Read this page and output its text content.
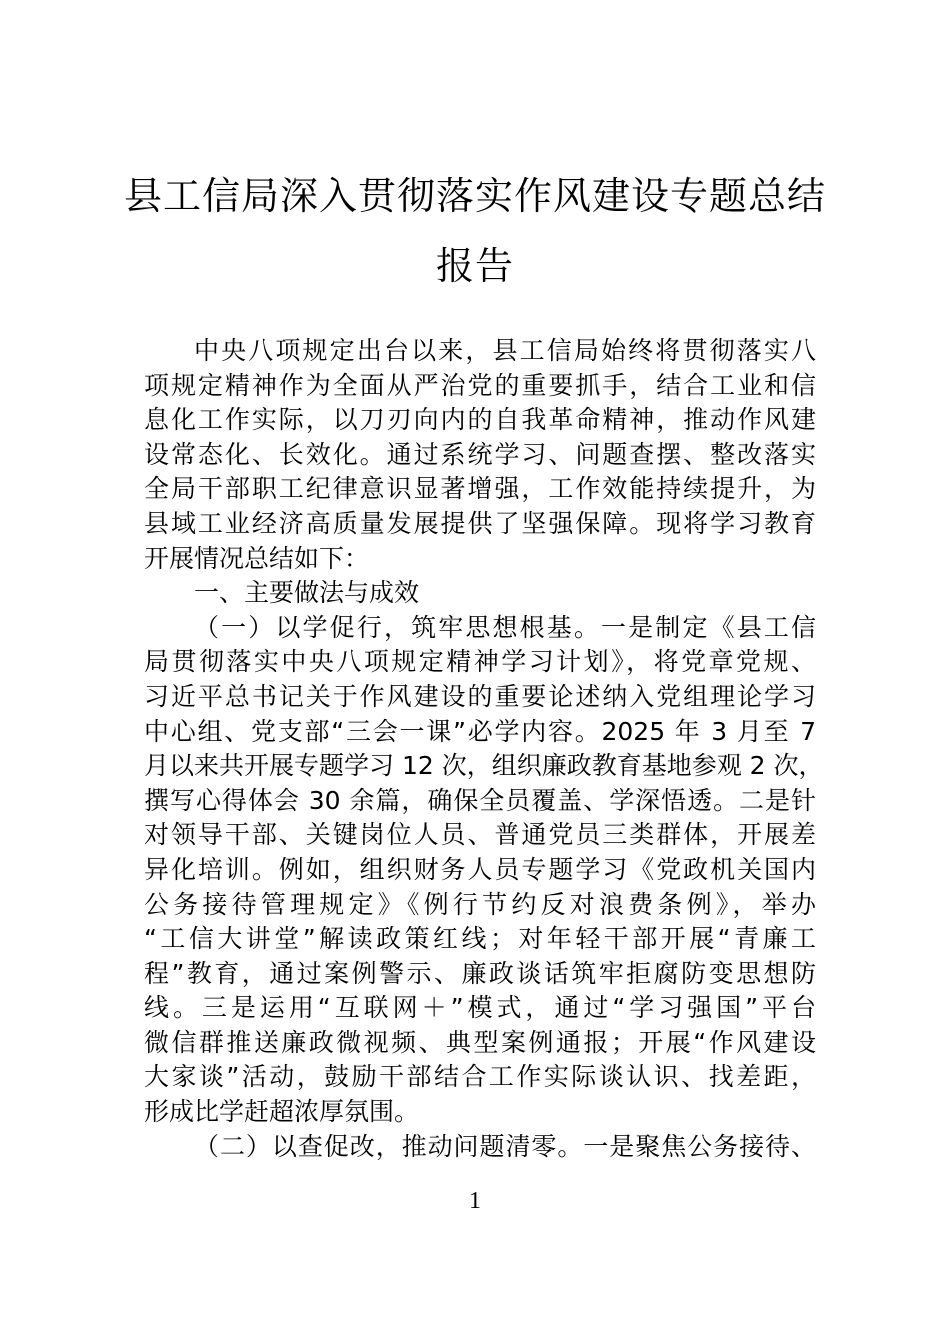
县工信局深入贯彻落实作风建设专题总结
报告
中央八项规定出台以来，县工信局始终将贯彻落实八
项规定精神作为全面从严治党的重要抓手，结合工业和信
息化工作实际，以刀刃向内的自我革命精神，推动作风建
设常态化、长效化。通过系统学习、问题查摆、整改落实
全局干部职工纪律意识显著增强，工作效能持续提升，为
县域工业经济高质量发展提供了坚强保障。现将学习教育
开展情况总结如下：
一、主要做法与成效
（一）以学促行，筑牢思想根基。一是制定《县工信
局贯彻落实中央八项规定精神学习计划》，将党章党规、
习近平总书记关于作风建设的重要论述纳入党组理论学习
中心组、党支部“三会一课”必学内容。2025 年 3 月至 7
月以来共开展专题学习 12 次，组织廉政教育基地参观 2 次，
撰写心得体会 30 余篇，确保全员覆盖、学深悟透。二是针
对领导干部、关键岗位人员、普通党员三类群体，开展差
异化培训。例如，组织财务人员专题学习《党政机关国内
公务接待管理规定》《例行节约反对浪费条例》，举办
“工信大讲堂”解读政策红线；对年轻干部开展“青廉工
程”教育，通过案例警示、廉政谈话筑牢拒腐防变思想防
线。三是运用“互联网＋”模式，通过“学习强国”平台
微信群推送廉政微视频、典型案例通报；开展“作风建设
大家谈”活动，鼓励干部结合工作实际谈认识、找差距，
形成比学赶超浓厚氛围。
（二）以查促改，推动问题清零。一是聚焦公务接待、
1
